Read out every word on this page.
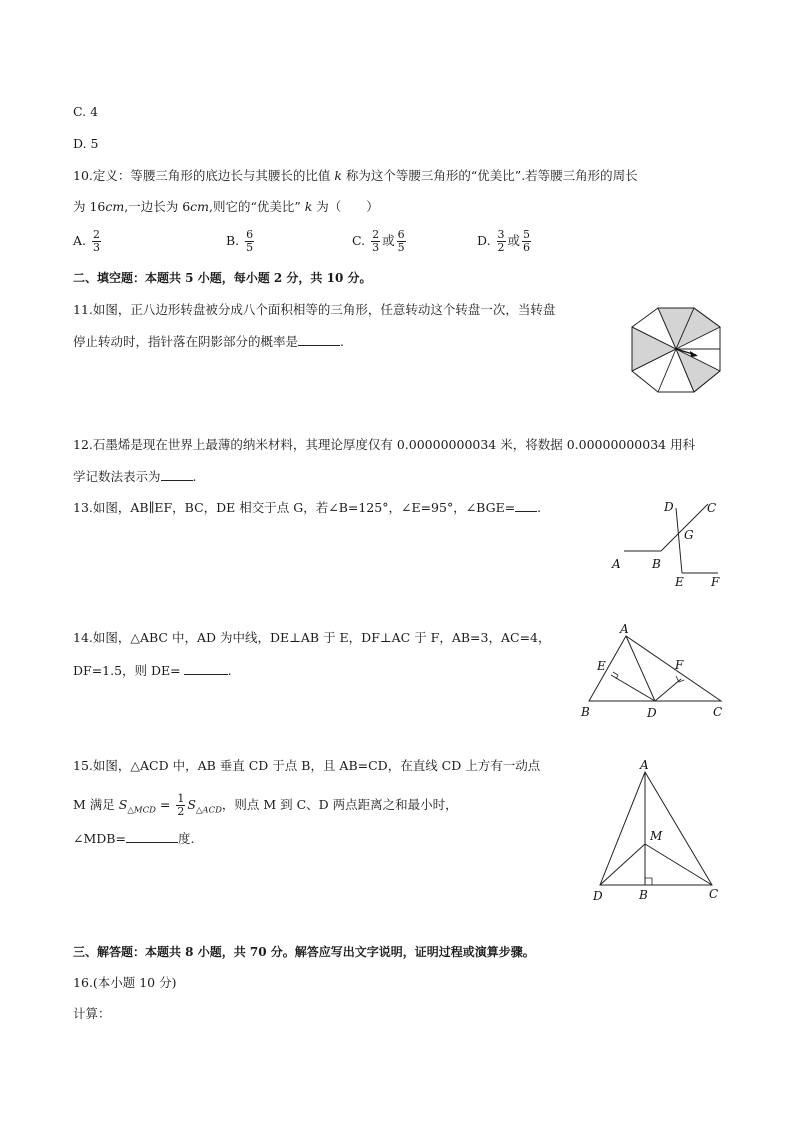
C. 4
D. 5
10.定义：等腰三角形的底边长与其腰长的比值 k 称为这个等腰三角形的“优美比”.若等腰三角形的周长
为 16cm,一边长为 6cm,则它的“优美比” k 为（　　）
A. $\frac{2}{3}$	B. $\frac{6}{5}$	C. $\frac{2}{3}$ 或 $\frac{6}{5}$	D. $\frac{3}{2}$ 或 $\frac{5}{6}$
二、填空题：本题共 5 小题，每小题 2 分，共 10 分。
11.如图，正八边形转盘被分成八个面积相等的三角形，任意转动这个转盘一次，当转盘
停止转动时，指针落在阴影部分的概率是	.
12.石墨烯是现在世界上最薄的纳米材料，其理论厚度仅有 0.00000000034 米，将数据 0.00000000034 用科
学记数法表示为	.
13.如图，AB∥EF，BC，DE 相交于点 G，若∠B=125°，∠E=95°，∠BGE= .	D	C
G
A	B
E F
14.如图，△ABC 中，AD 为中线，DE⊥AB 于 E，DF⊥AC 于 F，AB=3，AC=4，
DF=1.5，则 DE=	.
A
E	F
B	D	C
15.如图，△ACD 中，AB 垂直 CD 于点 B，且 AB=CD，在直线 CD 上方有一动点
M 满足 $S_{\triangle MCD} = \frac{1}{2} S_{\triangle ACD}$，则点 M 到 C、D 两点距离之和最小时，
∠MDB=	度.
A
M
D	B	C
三、解答题：本题共 8 小题，共 70 分。解答应写出文字说明，证明过程或演算步骤。
16.(本小题 10 分)
计算：
